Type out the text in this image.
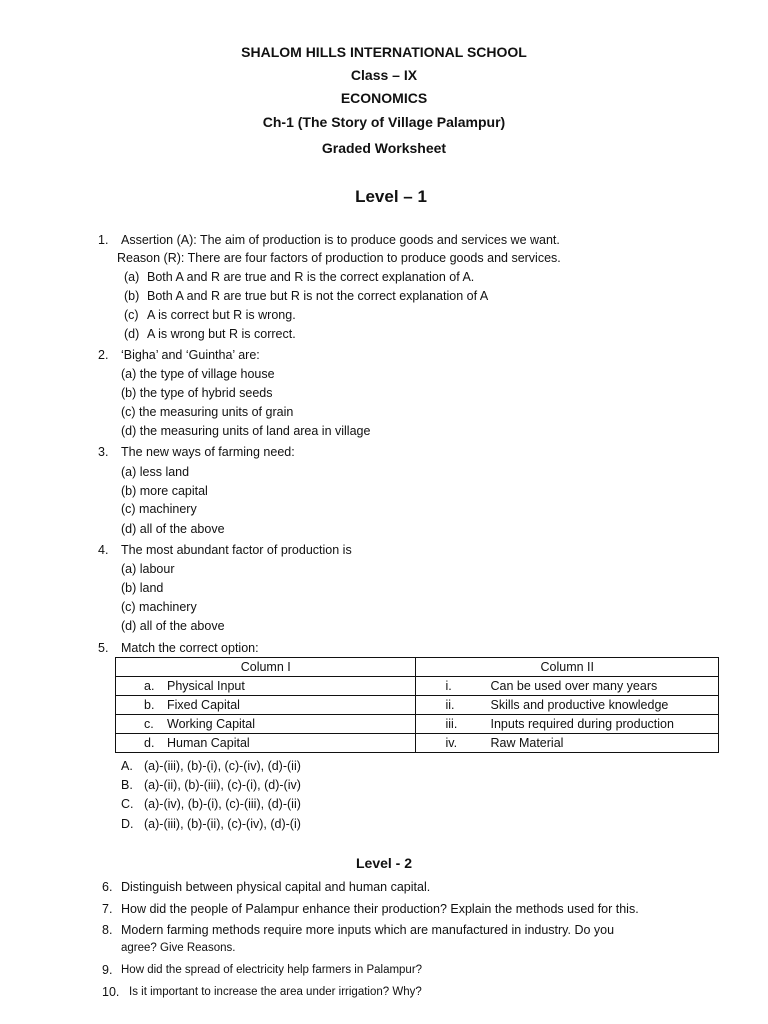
SHALOM HILLS INTERNATIONAL SCHOOL
Class – IX
ECONOMICS
Ch-1 (The Story of Village Palampur)
Graded Worksheet
Level – 1
1. Assertion (A): The aim of production is to produce goods and services we want.
Reason (R): There are four factors of production to produce goods and services.
(a) Both A and R are true and R is the correct explanation of A.
(b) Both A and R are true but R is not the correct explanation of A
(c) A is correct but R is wrong.
(d) A is wrong but R is correct.
2. ‘Bigha’ and ‘Guintha’ are:
(a) the type of village house
(b) the type of hybrid seeds
(c) the measuring units of grain
(d) the measuring units of land area in village
3. The new ways of farming need:
(a) less land
(b) more capital
(c) machinery
(d) all of the above
4. The most abundant factor of production is
(a) labour
(b) land
(c) machinery
(d) all of the above
5. Match the correct option:
Column I	Column II

a. Physical Input	i. Can be used over many years

b. Fixed Capital	ii. Skills and productive knowledge

c. Working Capital	iii. Inputs required during production

d. Human Capital	iv. Raw Material
A. (a)-(iii), (b)-(i), (c)-(iv), (d)-(ii)
B. (a)-(ii), (b)-(iii), (c)-(i), (d)-(iv)
C. (a)-(iv), (b)-(i), (c)-(iii), (d)-(ii)
D. (a)-(iii), (b)-(ii), (c)-(iv), (d)-(i)
Level - 2
6. Distinguish between physical capital and human capital.
7. How did the people of Palampur enhance their production? Explain the methods used for this.
8. Modern farming methods require more inputs which are manufactured in industry. Do you
agree? Give Reasons.
9. How did the spread of electricity help farmers in Palampur?
10. Is it important to increase the area under irrigation? Why?
